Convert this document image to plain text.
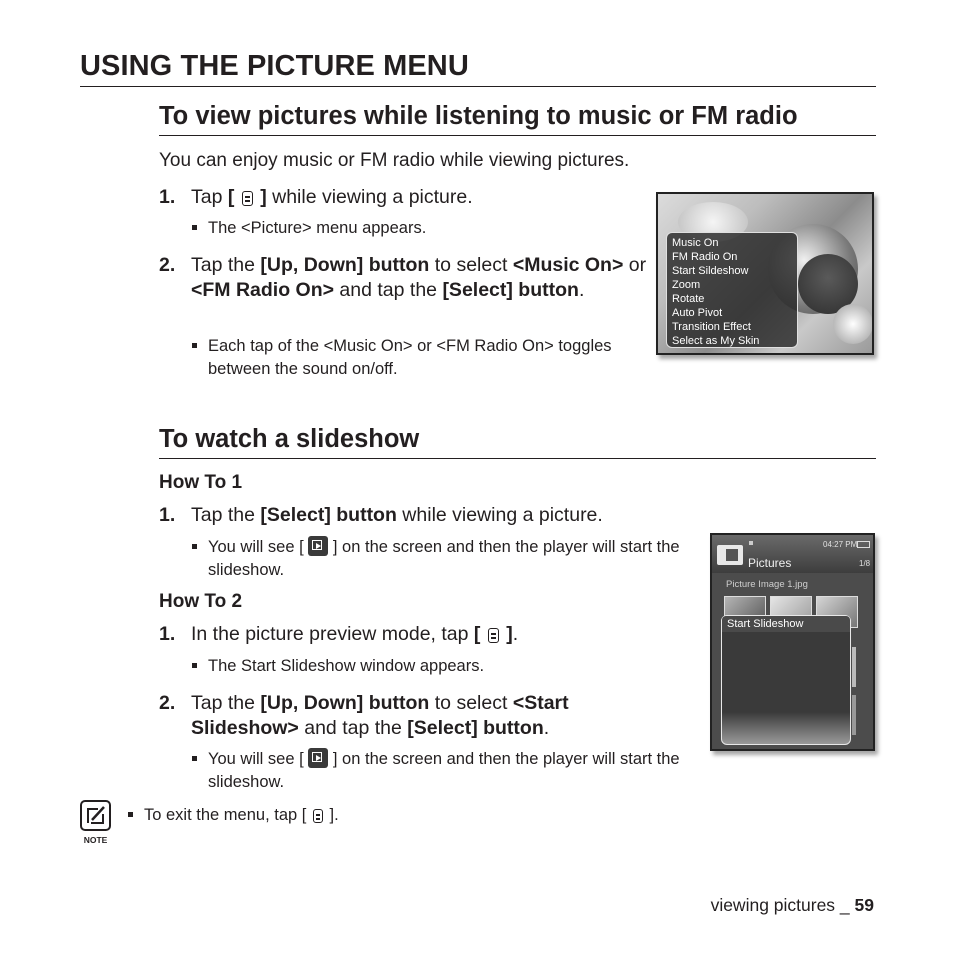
USING THE PICTURE MENU
To view pictures while listening to music or FM radio
You can enjoy music or FM radio while viewing pictures.
1. Tap [ ] while viewing a picture.
The <Picture> menu appears.
2. Tap the [Up, Down] button to select <Music On> or <FM Radio On> and tap the [Select] button.
Each tap of the <Music On> or <FM Radio On> toggles between the sound on/off.
Music On
FM Radio On
Start Sildeshow
Zoom
Rotate
Auto Pivot
Transition Effect
Select as My Skin
To watch a slideshow
How To 1
1. Tap the [Select] button while viewing a picture.
You will see [ ] on the screen and then the player will start the slideshow.
How To 2
1. In the picture preview mode, tap [ ].
The Start Slideshow window appears.
2. Tap the [Up, Down] button to select <Start Slideshow> and tap the [Select] button.
You will see [ ] on the screen and then the player will start the slideshow.
04:27 PM
Pictures	1/8
Picture Image 1.jpg
Start Slideshow
NOTE
To exit the menu, tap [ ].
viewing pictures _ 59
